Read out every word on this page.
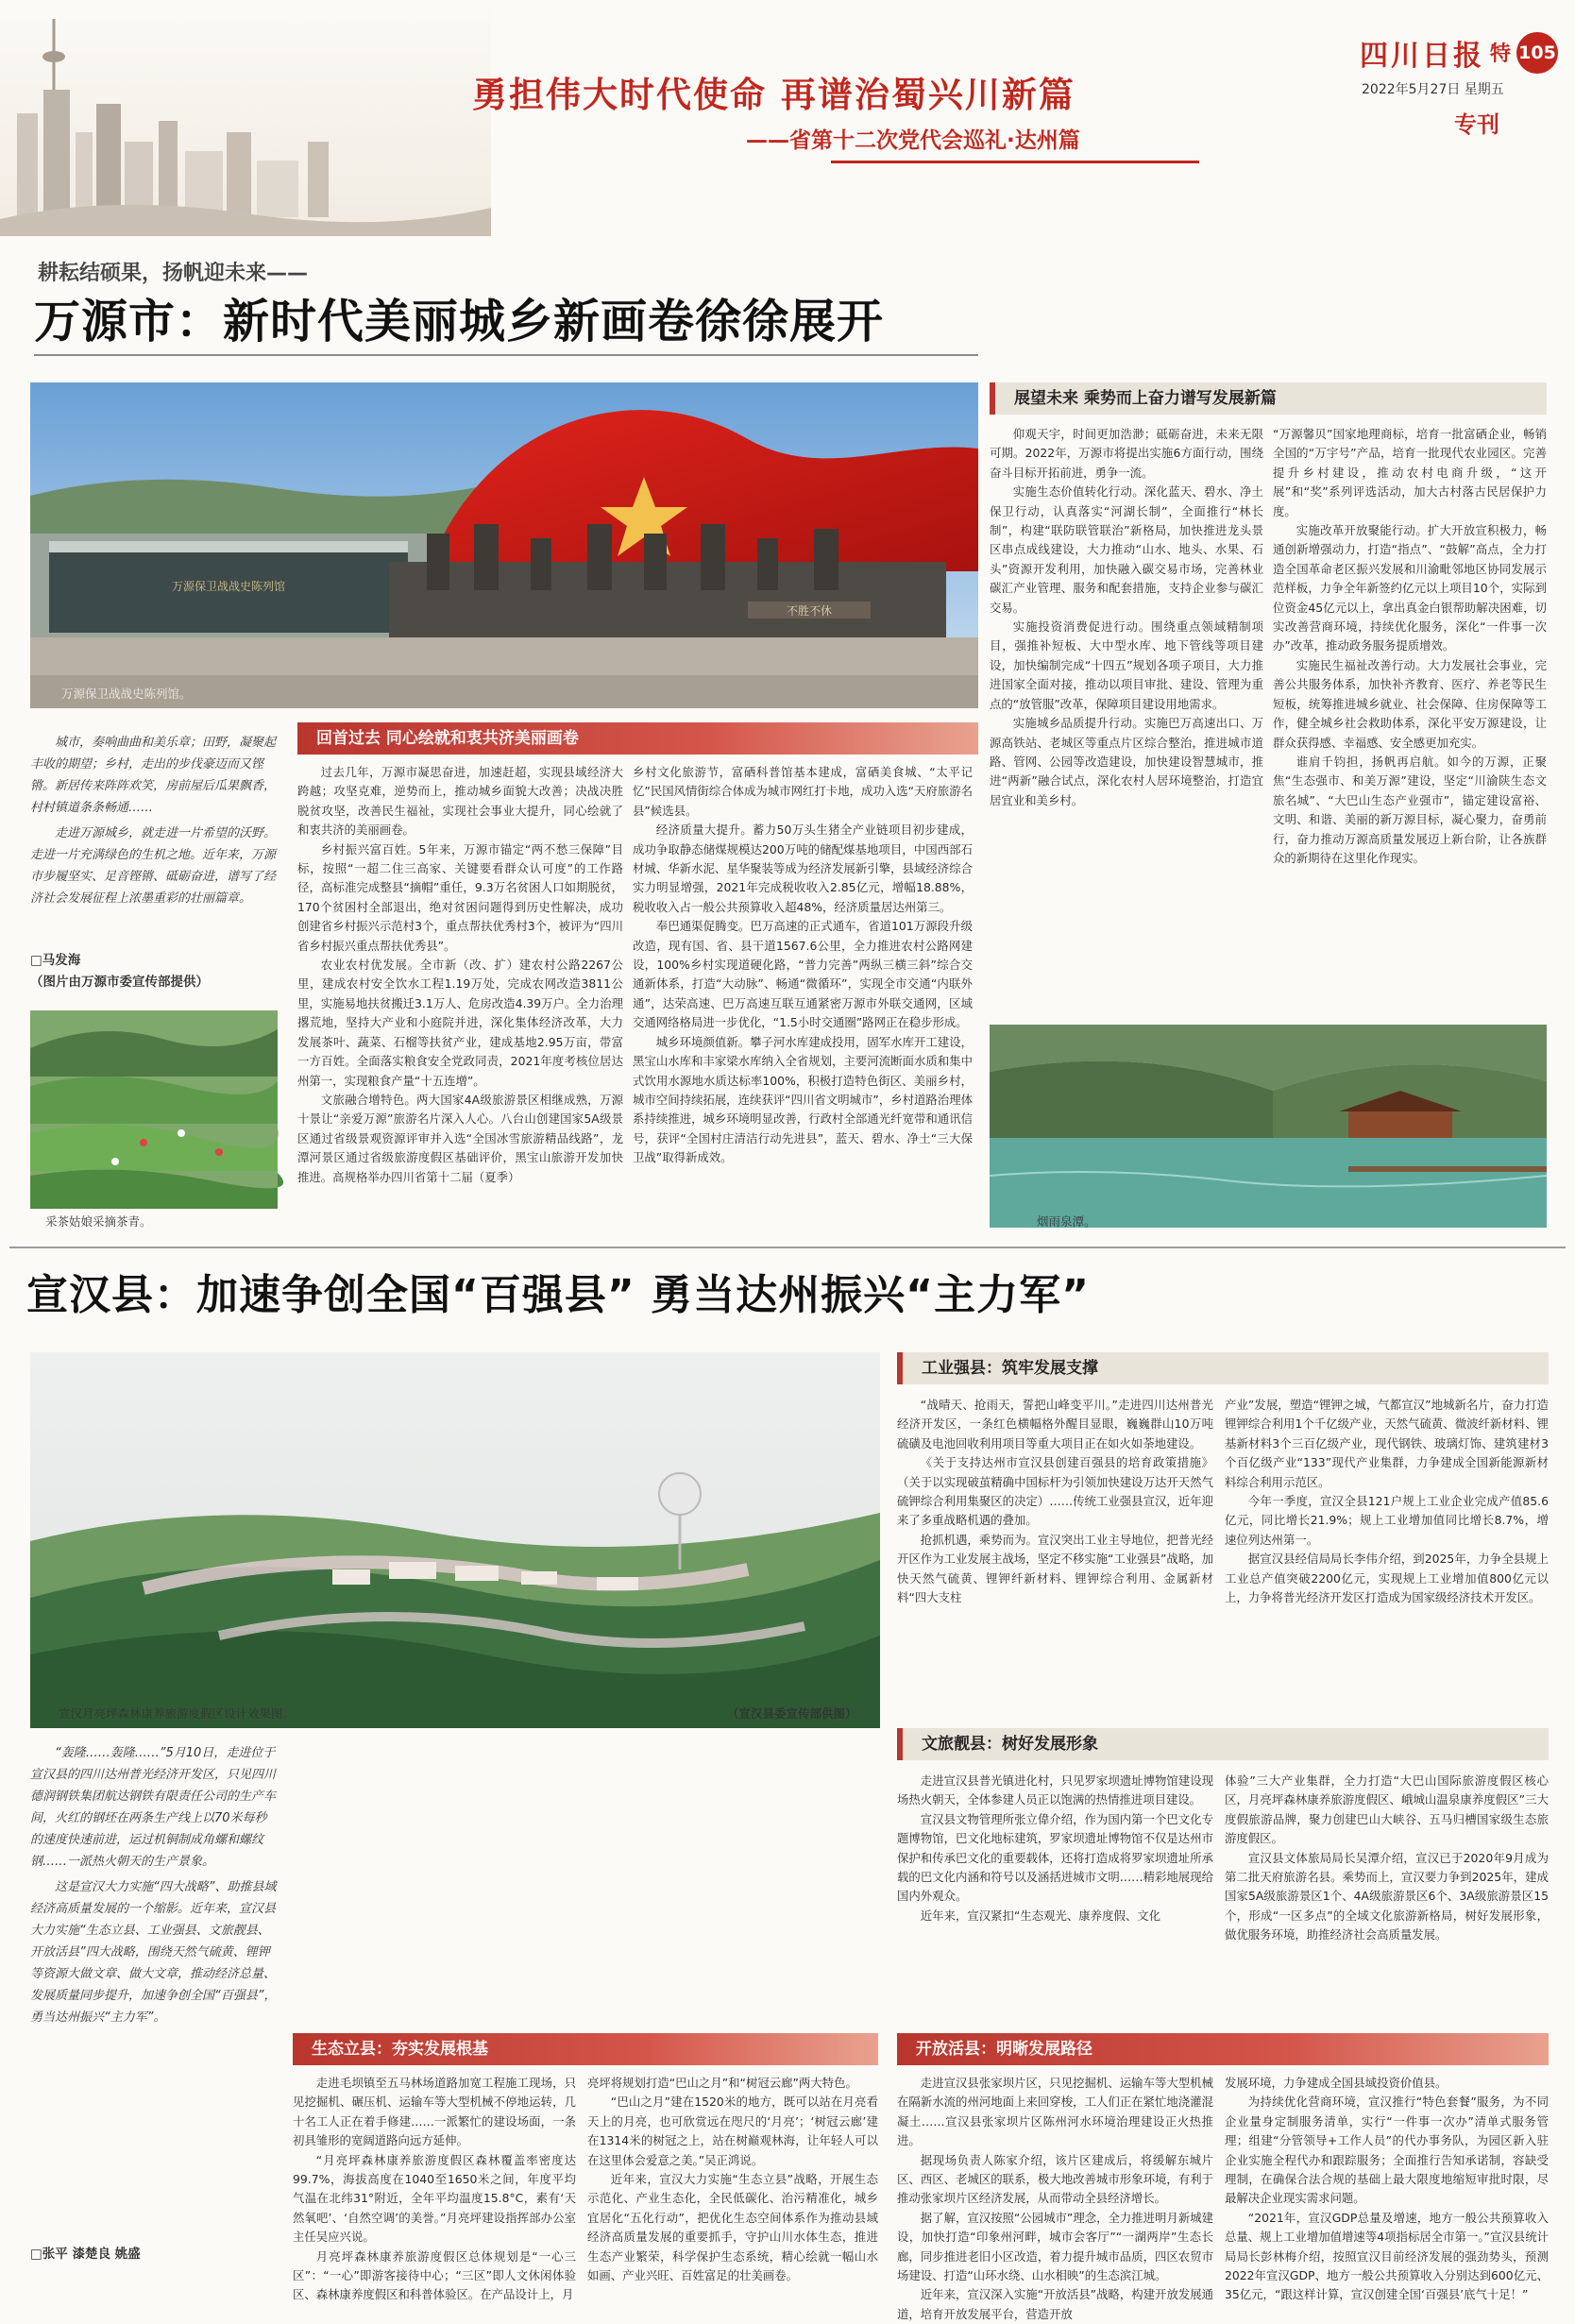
勇担伟大时代使命 再谱治蜀兴川新篇
——省第十二次党代会巡礼·达州篇
四川日报 特 105
2022年5月27日 星期五
专刊
耕耘结硕果，扬帆迎未来——
万源市：新时代美丽城乡新画卷徐徐展开
万源保卫战战史陈列馆
不胜不休
万源保卫战战史陈列馆。

城市，奏响曲曲和美乐章；田野，凝聚起丰收的期望；乡村，走出的步伐豪迈而又铿锵。新居传来阵阵欢笑，房前屋后瓜果飘香，村村镇道条条畅通……

走进万源城乡，就走进一片希望的沃野。走进一片充满绿色的生机之地。近年来，万源市步履坚实、足音铿锵、砥砺奋进，谱写了经济社会发展征程上浓墨重彩的壮丽篇章。

□马发海
（图片由万源市委宣传部提供）
采茶姑娘采摘茶青。
回首过去 同心绘就和衷共济美丽画卷

过去几年，万源市凝思奋进，加速赶超，实现县域经济大跨越；攻坚克难，逆势而上，推动城乡面貌大改善；决战决胜脱贫攻坚，改善民生福祉，实现社会事业大提升，同心绘就了和衷共济的美丽画卷。

乡村振兴富百姓。5年来，万源市锚定“两不愁三保障”目标，按照“一超二住三高家、关键要看群众认可度”的工作路径，高标准完成整县“摘帽”重任，9.3万名贫困人口如期脱贫，170个贫困村全部退出，绝对贫困问题得到历史性解决，成功创建省乡村振兴示范村3个，重点帮扶优秀村3个，被评为“四川省乡村振兴重点帮扶优秀县”。

农业农村优发展。全市新（改、扩）建农村公路2267公里，建成农村安全饮水工程1.19万处，完成农网改造3811公里，实施易地扶贫搬迁3.1万人、危房改造4.39万户。全力治理撂荒地，坚持大产业和小庭院并进，深化集体经济改革，大力发展茶叶、蔬菜、石榴等扶贫产业，建成基地2.95万亩，带富一方百姓。全面落实粮食安全党政同责，2021年度考核位居达州第一，实现粮食产量“十五连增”。

文旅融合增特色。两大国家4A级旅游景区相继成熟，万源十景让“亲爱万源”旅游名片深入人心。八台山创建国家5A级景区通过省级景观资源评审并入选“全国冰雪旅游精品线路”，龙潭河景区通过省级旅游度假区基础评价，黑宝山旅游开发加快推进。高规格举办四川省第十二届（夏季）

乡村文化旅游节，富硒科普馆基本建成，富硒美食城、“太平记忆”民国风情街综合体成为城市网红打卡地，成功入选“天府旅游名县”候选县。

经济质量大提升。蓄力50万头生猪全产业链项目初步建成，成功争取静态储煤规模达200万吨的储配煤基地项目，中国西部石材城、华新水泥、星华聚装等成为经济发展新引擎，县域经济综合实力明显增强，2021年完成税收收入2.85亿元，增幅18.88%，税收收入占一般公共预算收入超48%，经济质量居达州第三。

奉巴通渠促腾变。巴万高速的正式通车，省道101万源段升级改造，现有国、省、县干道1567.6公里，全力推进农村公路网建设，100%乡村实现道硬化路，“普力完善”两纵三横三斜”综合交通新体系，打造“大动脉”、畅通“微循环”，实现全市交通“内联外通”，达荣高速、巴万高速互联互通紧密万源市外联交通网，区域交通网络格局进一步优化，“1.5小时交通圈”路网正在稳步形成。

城乡环境颜值新。攀子河水库建成投用，固军水库开工建设，黑宝山水库和丰家梁水库纳入全省规划，主要河流断面水质和集中式饮用水源地水质达标率100%，积极打造特色街区、美丽乡村，城市空间持续拓展，连续获评“四川省文明城市”，乡村道路治理体系持续推进，城乡环境明显改善，行政村全部通光纤宽带和通讯信号，获评“全国村庄清洁行动先进县”，蓝天、碧水、净土“三大保卫战”取得新成效。

展望未来 乘势而上奋力谱写发展新篇

仰观天宇，时间更加浩渺；砥砺奋进，未来无限可期。2022年，万源市将提出实施6方面行动，围绕奋斗目标开拓前进，勇争一流。

实施生态价值转化行动。深化蓝天、碧水、净土保卫行动，认真落实“河湖长制”，全面推行“林长制”，构建“联防联管联治”新格局，加快推进龙头景区串点成线建设，大力推动“山水、地头、水果、石头”资源开发利用，加快融入碳交易市场，完善林业碳汇产业管理、服务和配套措施，支持企业参与碳汇交易。

实施投资消费促进行动。围绕重点领域精制项目，强推补短板、大中型水库、地下管线等项目建设，加快编制完成“十四五”规划各项子项目，大力推进国家全面对接，推动以项目审批、建设、管理为重点的“放管服”改革，保障项目建设用地需求。

实施城乡品质提升行动。实施巴万高速出口、万源高铁站、老城区等重点片区综合整治，推进城市道路、管网、公园等改造建设，加快建设智慧城市，推进“两新”融合试点，深化农村人居环境整治，打造宜居宜业和美乡村。

“万源馨贝”国家地理商标，培育一批富硒企业，畅销全国的“万宇号”产品，培育一批现代农业园区。完善提升乡村建设，推动农村电商升级，“这开展”和“奖”系列评选活动，加大古村落古民居保护力度。

实施改革开放聚能行动。扩大开放宣积极力，畅通创新增强动力，打造“指点”、“鼓解”高点，全力打造全国革命老区振兴发展和川渝毗邻地区协同发展示范样板，力争全年新签约亿元以上项目10个，实际到位资金45亿元以上，拿出真金白银帮助解决困难，切实改善营商环境，持续优化服务，深化“一件事一次办”改革，推动政务服务提质增效。

实施民生福祉改善行动。大力发展社会事业，完善公共服务体系，加快补齐教育、医疗、养老等民生短板，统筹推进城乡就业、社会保障、住房保障等工作，健全城乡社会救助体系，深化平安万源建设，让群众获得感、幸福感、安全感更加充实。

谁肩千钧担，扬帆再启航。如今的万源，正聚焦“生态强市、和美万源”建设，坚定“川渝陕生态文旅名城”、“大巴山生态产业强市”，锚定建设富裕、文明、和谐、美丽的新万源目标，凝心聚力，奋勇前行，奋力推动万源高质量发展迈上新台阶，让各族群众的新期待在这里化作现实。

烟雨泉潭。
宣汉县：加速争创全国“百强县” 勇当达州振兴“主力军”
宣汉月亮坪森林康养旅游度假区设计效果图。	（宣汉县委宣传部供图）

“轰隆……轰隆……”5月10日，走进位于宣汉县的四川达州普光经济开发区，只见四川德润钢铁集团航达钢铁有限责任公司的生产车间，火红的钢坯在两条生产线上以70米每秒的速度快速前进，运过机铜制成角螺和螺纹钢……一派热火朝天的生产景象。

这是宣汉大力实施“四大战略”、助推县域经济高质量发展的一个缩影。近年来，宣汉县大力实施“生态立县、工业强县、文旅靓县、开放活县”四大战略，围绕天然气硫黄、锂钾等资源大做文章、做大文章，推动经济总量、发展质量同步提升，加速争创全国“百强县”，勇当达州振兴“主力军”。

□张平 漆楚良 姚盛
工业强县：筑牢发展支撑

“战晴天、抢雨天，誓把山峰变平川。”走进四川达州普光经济开发区，一条红色横幅格外醒目显眼，巍巍群山10万吨硫磺及电池回收利用项目等重大项目正在如火如荼地建设。

《关于支持达州市宣汉县创建百强县的培育政策措施》（关于以实现破茧精确中国标杆为引领加快建设万达开天然气硫钾综合利用集聚区的决定）……传统工业强县宣汉，近年迎来了多重战略机遇的叠加。

抢抓机遇，乘势而为。宣汉突出工业主导地位，把普光经开区作为工业发展主战场，坚定不移实施“工业强县”战略，加快天然气硫黄、锂钾纤新材料、锂钾综合利用、金属新材料“四大支柱

产业”发展，塑造“锂钾之城，气都宣汉”地城新名片，奋力打造锂钾综合利用1个千亿级产业，天然气硫黄、微波纤新材料、锂基新材料3个三百亿级产业，现代钢铁、玻璃灯饰、建筑建材3个百亿级产业“133”现代产业集群，力争建成全国新能源新材料综合利用示范区。

今年一季度，宣汉全县121户规上工业企业完成产值85.6亿元，同比增长21.9%；规上工业增加值同比增长8.7%，增速位列达州第一。

据宣汉县经信局局长李伟介绍，到2025年，力争全县规上工业总产值突破2200亿元，实现规上工业增加值800亿元以上，力争将普光经济开发区打造成为国家级经济技术开发区。

文旅靓县：树好发展形象

走进宣汉县普光镇进化村，只见罗家坝遗址博物馆建设现场热火朝天，全体参建人员正以饱满的热情推进项目建设。

宣汉县文物管理所张立偉介绍，作为国内第一个巴文化专题博物馆，巴文化地标建筑，罗家坝遗址博物馆不仅是达州市保护和传承巴文化的重要载体，还将打造成将罗家坝遗址所承载的巴文化内涵和符号以及涵括进城市文明……精彩地展现给国内外观众。

近年来，宣汉紧扣“生态观光、康养度假、文化

体验”三大产业集群，全力打造“大巴山国际旅游度假区核心区，月亮坪森林康养旅游度假区、峨城山温泉康养度假区”三大度假旅游品牌，聚力创建巴山大峡谷、五马归槽国家级生态旅游度假区。

宣汉县文体旅局局长吴潭介绍，宣汉已于2020年9月成为第二批天府旅游名县。乘势而上，宣汉要力争到2025年，建成国家5A级旅游景区1个、4A级旅游景区6个、3A级旅游景区15个，形成“一区多点”的全域文化旅游新格局，树好发展形象，做优服务环境，助推经济社会高质量发展。

生态立县：夯实发展根基

走进毛坝镇至五马林场道路加宽工程施工现场，只见挖掘机、碾压机、运输车等大型机械不停地运转，几十名工人正在着手修建……一派繁忙的建设场面，一条初具雏形的宽阔道路向远方延伸。

“月亮坪森林康养旅游度假区森林覆盖率密度达99.7%，海拔高度在1040至1650米之间，年度平均气温在北纬31°附近，全年平均温度15.8°C，素有‘天然氧吧’、‘自然空调’的美誉。”月亮坪建设指挥部办公室主任吴应兴说。

月亮坪森林康养旅游度假区总体规划是“一心三区”：“一心”即游客接待中心；“三区”即人文休闲体验区、森林康养度假区和科普体验区。在产品设计上，月

亮坪将规划打造“巴山之月”和“树冠云廊”两大特色。

“巴山之月”建在1520米的地方，既可以站在月亮看天上的月亮，也可欣赏远在咫尺的‘月亮’；‘树冠云廊’建在1314米的树冠之上，站在树巅观林海，让年轻人可以在这里体会爱意之美。”吴正鸿说。

近年来，宣汉大力实施“生态立县”战略，开展生态示范化、产业生态化，全民低碳化、治污精准化，城乡宜居化“五化行动”，把优化生态空间体系作为推动县域经济高质量发展的重要抓手，守护山川水体生态，推进生态产业繁荣，科学保护生态系统，精心绘就一幅山水如画、产业兴旺、百姓富足的壮美画卷。

开放活县：明晰发展路径

走进宣汉县张家坝片区，只见挖掘机、运输车等大型机械在隔新水流的州河地面上来回穿梭，工人们正在紧忙地浇灌混凝土……宣汉县张家坝片区陈州河水环境治理建设正火热推进。

据现场负责人陈家介绍，该片区建成后，将缓解东城片区、西区、老城区的联系，极大地改善城市形象环境，有利于推动张家坝片区经济发展，从而带动全县经济增长。

据了解，宣汉按照“公园城市”理念，全力推进明月新城建设，加快打造“印象州河畔，城市会客厅”“一湖两岸”生态长廊，同步推进老旧小区改造，着力提升城市品质，四区农贸市场建设、打造“山环水绕、山水相映”的生态滨江城。

近年来，宣汉深入实施“开放活县”战略，构建开放发展通道，培育开放发展平台，营造开放

发展环境，力争建成全国县域投资价值县。

为持续优化营商环境，宣汉推行“特色套餐”服务，为不同企业量身定制服务清单，实行“一件事一次办”清单式服务管理；组建“分管领导+工作人员”的代办事务队，为园区新入驻企业实施全程代办和跟踪服务；全面推行告知承诺制，容缺受理制，在确保合法合规的基础上最大限度地缩短审批时限，尽最解决企业现实需求问题。

“2021年，宣汉GDP总量及增速，地方一般公共预算收入总量、规上工业增加值增速等4项指标居全市第一。”宣汉县统计局局长彭林梅介绍，按照宣汉目前经济发展的强劲势头，预测2022年宣汉GDP、地方一般公共预算收入分别达到600亿元、35亿元，“跟这样计算，宣汉创建全国‘百强县’底气十足！”
